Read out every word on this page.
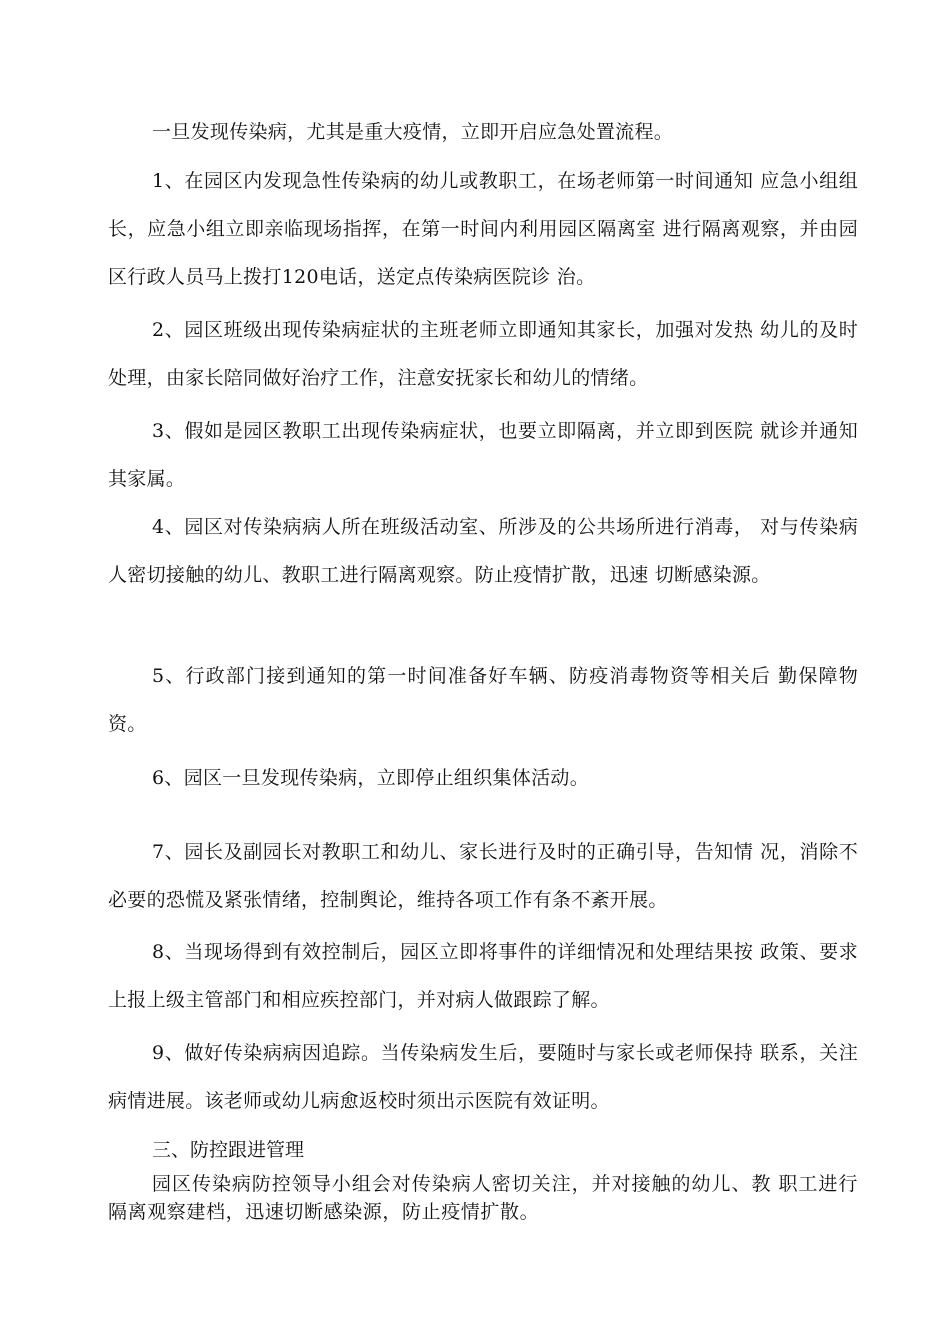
一旦发现传染病，尤其是重大疫情，立即开启应急处置流程。

1、在园区内发现急性传染病的幼儿或教职工，在场老师第一时间通知 应急小组组长，应急小组立即亲临现场指挥，在第一时间内利用园区隔离室 进行隔离观察，并由园区行政人员马上拨打120电话，送定点传染病医院诊 治。

2、园区班级出现传染病症状的主班老师立即通知其家长，加强对发热 幼儿的及时处理，由家长陪同做好治疗工作，注意安抚家长和幼儿的情绪。

3、假如是园区教职工出现传染病症状，也要立即隔离，并立即到医院 就诊并通知其家属。

4、园区对传染病病人所在班级活动室、所涉及的公共场所进行消毒， 对与传染病人密切接触的幼儿、教职工进行隔离观察。防止疫情扩散，迅速 切断感染源。

5、行政部门接到通知的第一时间准备好车辆、防疫消毒物资等相关后 勤保障物资。

6、园区一旦发现传染病，立即停止组织集体活动。

7、园长及副园长对教职工和幼儿、家长进行及时的正确引导，告知情 况，消除不必要的恐慌及紧张情绪，控制舆论，维持各项工作有条不紊开展。

8、当现场得到有效控制后，园区立即将事件的详细情况和处理结果按 政策、要求上报上级主管部门和相应疾控部门，并对病人做跟踪了解。

9、做好传染病病因追踪。当传染病发生后，要随时与家长或老师保持 联系，关注病情进展。该老师或幼儿病愈返校时须出示医院有效证明。

三、防控跟进管理

园区传染病防控领导小组会对传染病人密切关注，并对接触的幼儿、教 职工进行隔离观察建档，迅速切断感染源，防止疫情扩散。
